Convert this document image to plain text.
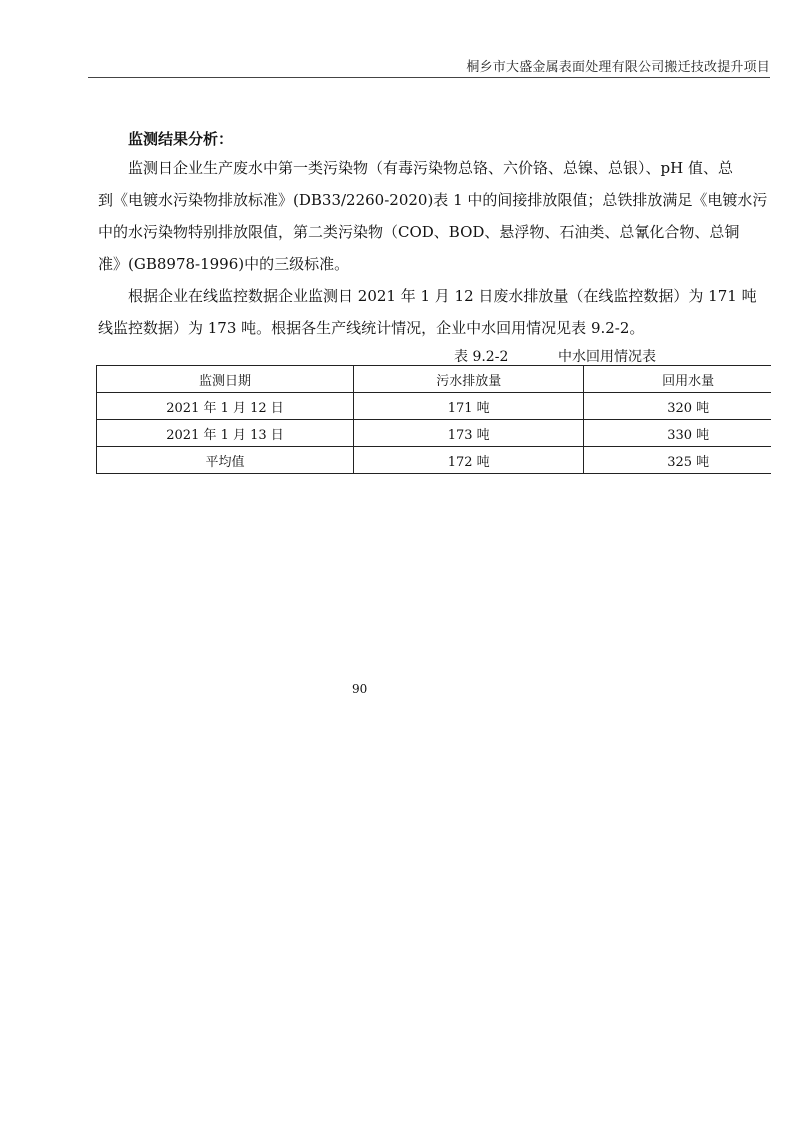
桐乡市大盛金属表面处理有限公司搬迁技改提升项目
监测结果分析：
　　监测日企业生产废水中第一类污染物（有毒污染物总铬、六价铬、总镍、总银）、pH 值、总
到《电镀水污染物排放标准》(DB33/2260-2020)表 1 中的间接排放限值；总铁排放满足《电镀水污
中的水污染物特别排放限值，第二类污染物（COD、BOD、悬浮物、石油类、总氰化合物、总铜
准》(GB8978-1996)中的三级标准。
　　根据企业在线监控数据企业监测日 2021 年 1 月 12 日废水排放量（在线监控数据）为 171 吨
线监控数据）为 173 吨。根据各生产线统计情况，企业中水回用情况见表 9.2-2。
表 9.2-2	中水回用情况表
监测日期	污水排放量	回用水量
2021 年 1 月 12 日	171 吨	320 吨
2021 年 1 月 13 日	173 吨	330 吨
平均值	172 吨	325 吨
90
